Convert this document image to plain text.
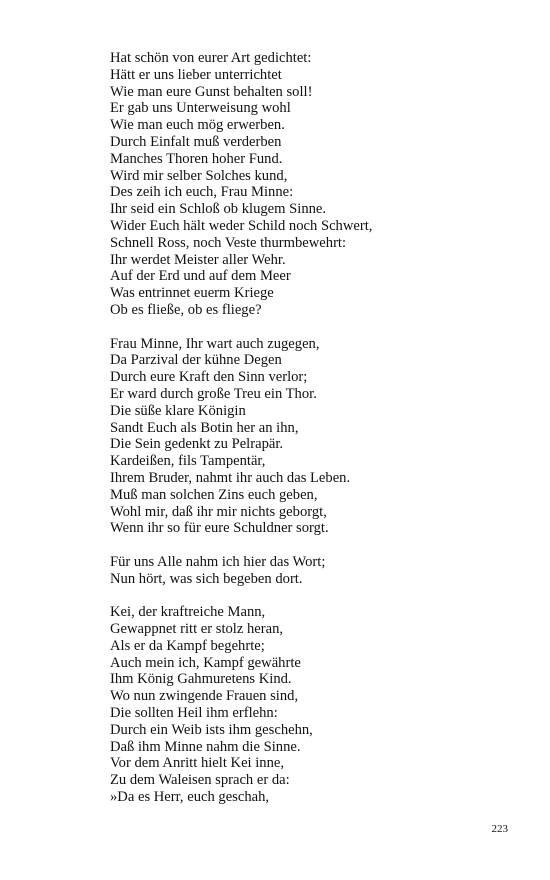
Hat schön von eurer Art gedichtet:
Hätt er uns lieber unterrichtet
Wie man eure Gunst behalten soll!
Er gab uns Unterweisung wohl
Wie man euch mög erwerben.
Durch Einfalt muß verderben
Manches Thoren hoher Fund.
Wird mir selber Solches kund,
Des zeih ich euch, Frau Minne:
Ihr seid ein Schloß ob klugem Sinne.
Wider Euch hält weder Schild noch Schwert,
Schnell Ross, noch Veste thurmbewehrt:
Ihr werdet Meister aller Wehr.
Auf der Erd und auf dem Meer
Was entrinnet euerm Kriege
Ob es fließe, ob es fliege?
Frau Minne, Ihr wart auch zugegen,
Da Parzival der kühne Degen
Durch eure Kraft den Sinn verlor;
Er ward durch große Treu ein Thor.
Die süße klare Königin
Sandt Euch als Botin her an ihn,
Die Sein gedenkt zu Pelrapär.
Kardeißen, fils Tampentär,
Ihrem Bruder, nahmt ihr auch das Leben.
Muß man solchen Zins euch geben,
Wohl mir, daß ihr mir nichts geborgt,
Wenn ihr so für eure Schuldner sorgt.
Für uns Alle nahm ich hier das Wort;
Nun hört, was sich begeben dort.
Kei, der kraftreiche Mann,
Gewappnet ritt er stolz heran,
Als er da Kampf begehrte;
Auch mein ich, Kampf gewährte
Ihm König Gahmuretens Kind.
Wo nun zwingende Frauen sind,
Die sollten Heil ihm erflehn:
Durch ein Weib ists ihm geschehn,
Daß ihm Minne nahm die Sinne.
Vor dem Anritt hielt Kei inne,
Zu dem Waleisen sprach er da:
»Da es Herr, euch geschah,
223
